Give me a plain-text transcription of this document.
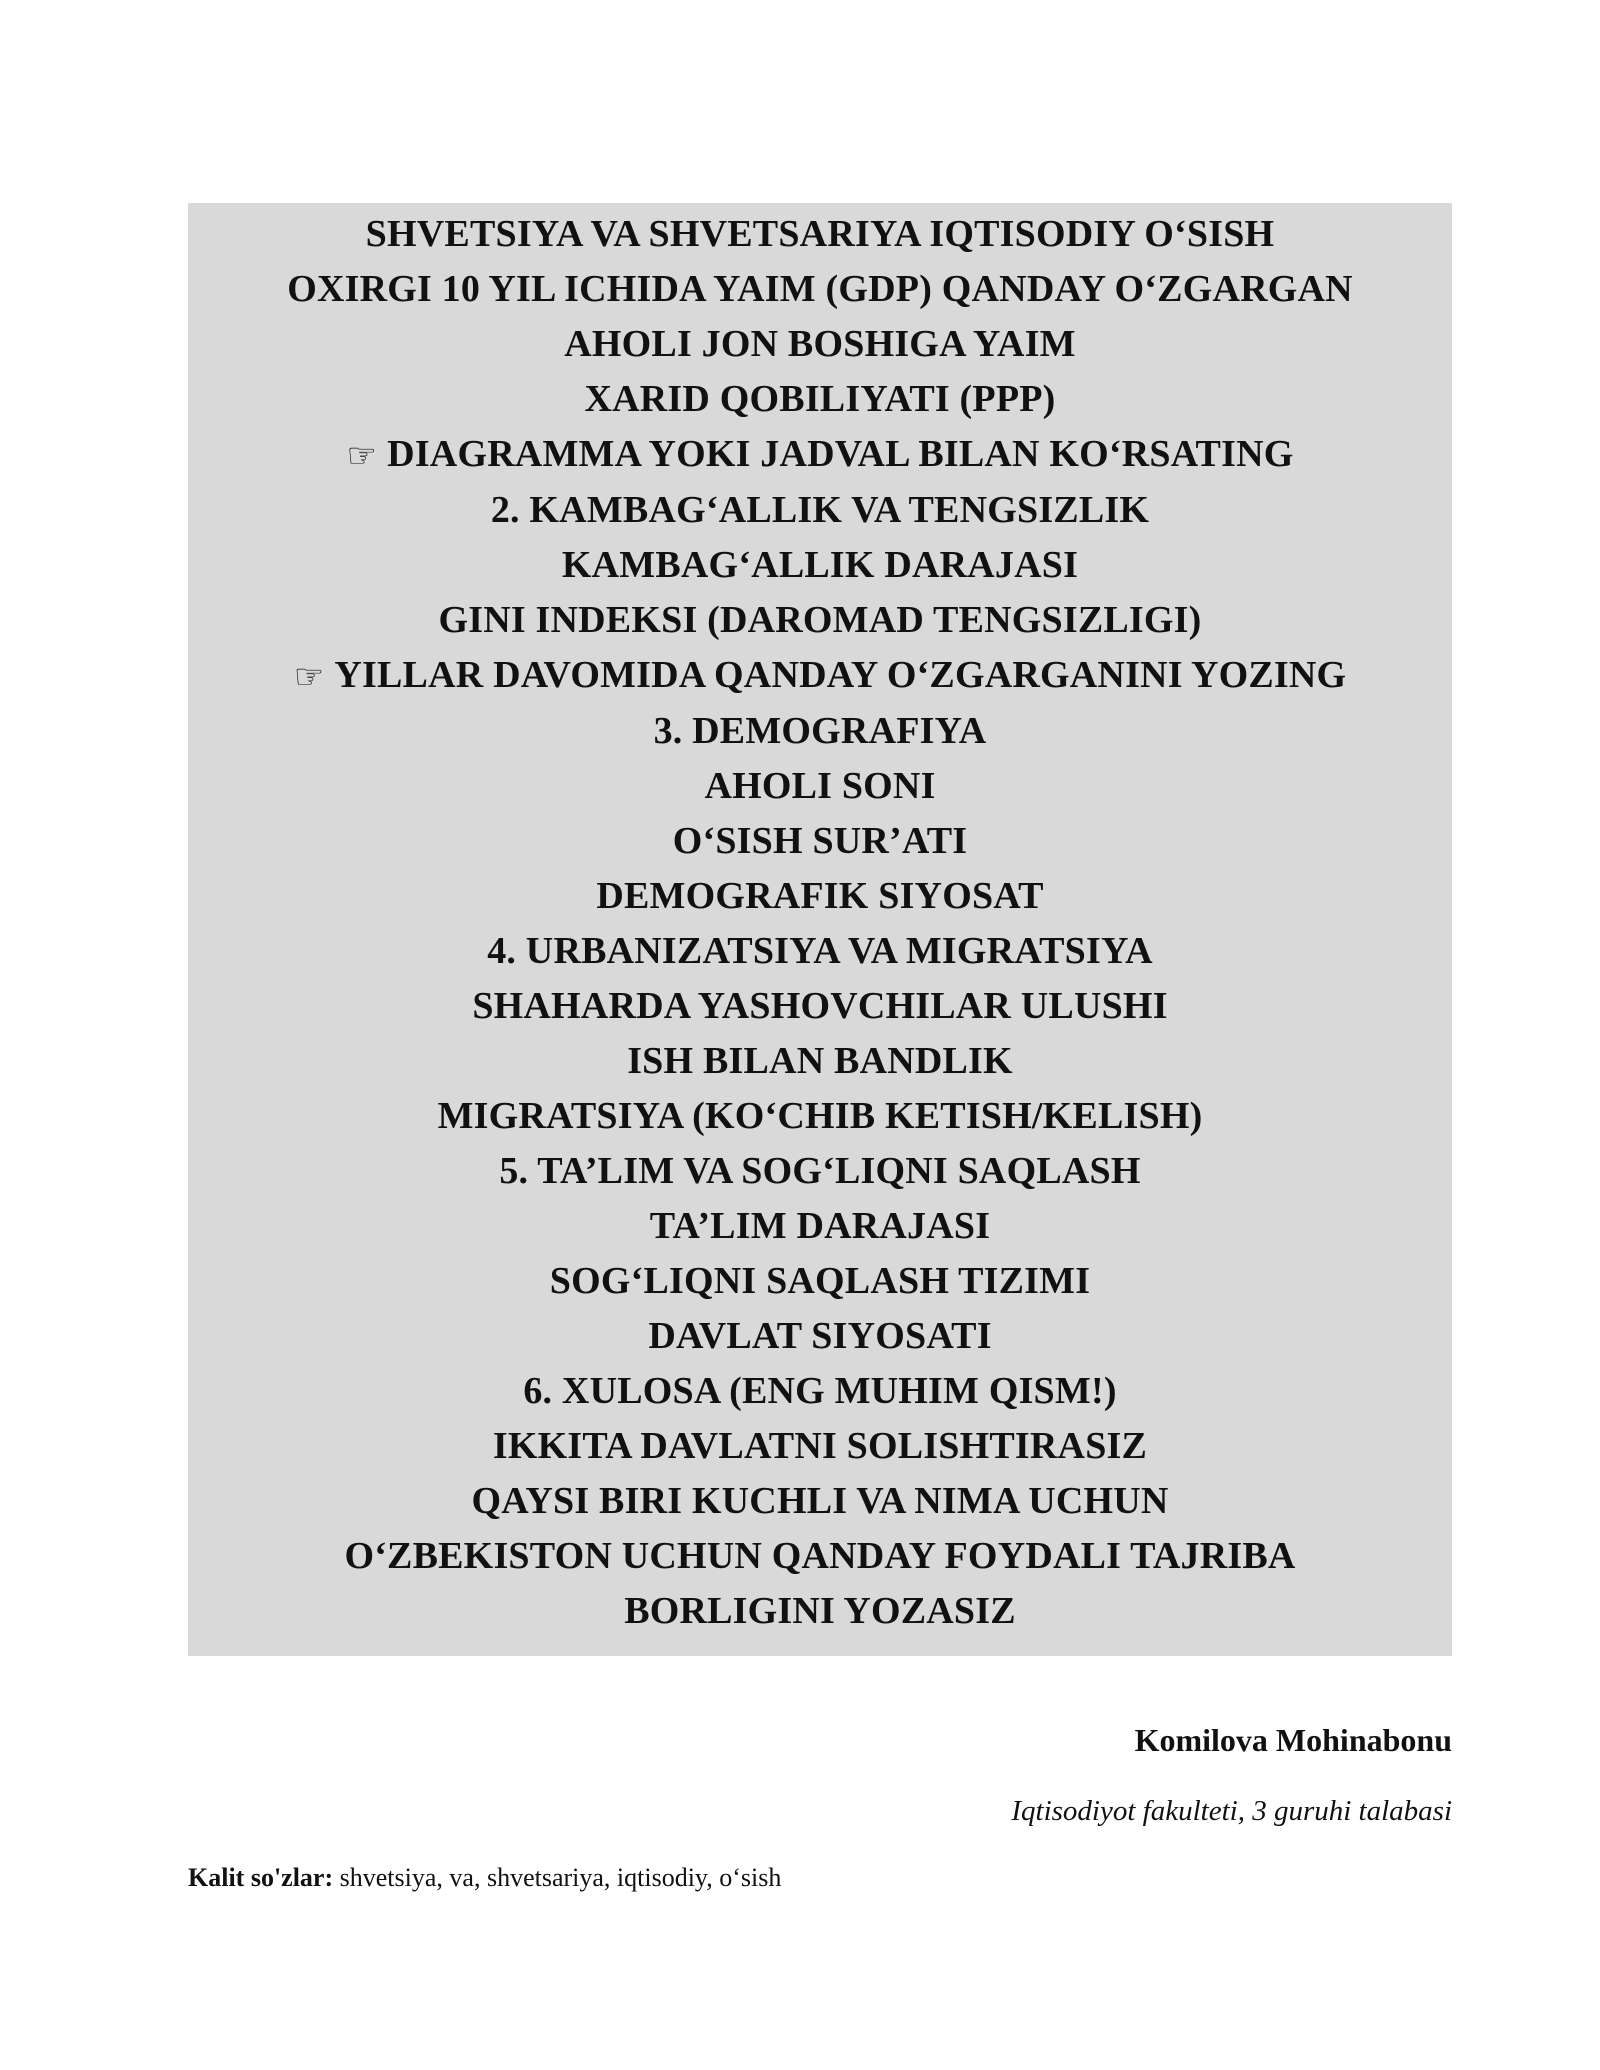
SHVETSIYA VA SHVETSARIYA IQTISODIY O‘SISH
OXIRGI 10 YIL ICHIDA YAIM (GDP) QANDAY O‘ZGARGAN
AHOLI JON BOSHIGA YAIM
XARID QOBILIYATI (PPP)
☞ DIAGRAMMA YOKI JADVAL BILAN KO‘RSATING
2. KAMBAG‘ALLIK VA TENGSIZLIK
KAMBAG‘ALLIK DARAJASI
GINI INDEKSI (DAROMAD TENGSIZLIGI)
☞ YILLAR DAVOMIDA QANDAY O‘ZGARGANINI YOZING
3. DEMOGRAFIYA
AHOLI SONI
O‘SISH SUR’ATI
DEMOGRAFIK SIYOSAT
4. URBANIZATSIYA VA MIGRATSIYA
SHAHARDA YASHOVCHILAR ULUSHI
ISH BILAN BANDLIK
MIGRATSIYA (KO‘CHIB KETISH/KELISH)
5. TA’LIM VA SOG‘LIQNI SAQLASH
TA’LIM DARAJASI
SOG‘LIQNI SAQLASH TIZIMI
DAVLAT SIYOSATI
6. XULOSA (ENG MUHIM QISM!)
IKKITA DAVLATNI SOLISHTIRASIZ
QAYSI BIRI KUCHLI VA NIMA UCHUN
O‘ZBEKISTON UCHUN QANDAY FOYDALI TAJRIBA
BORLIGINI YOZASIZ
Komilova Mohinabonu
Iqtisodiyot fakulteti, 3 guruhi talabasi
Kalit so'zlar: shvetsiya, va, shvetsariya, iqtisodiy, o‘sish
